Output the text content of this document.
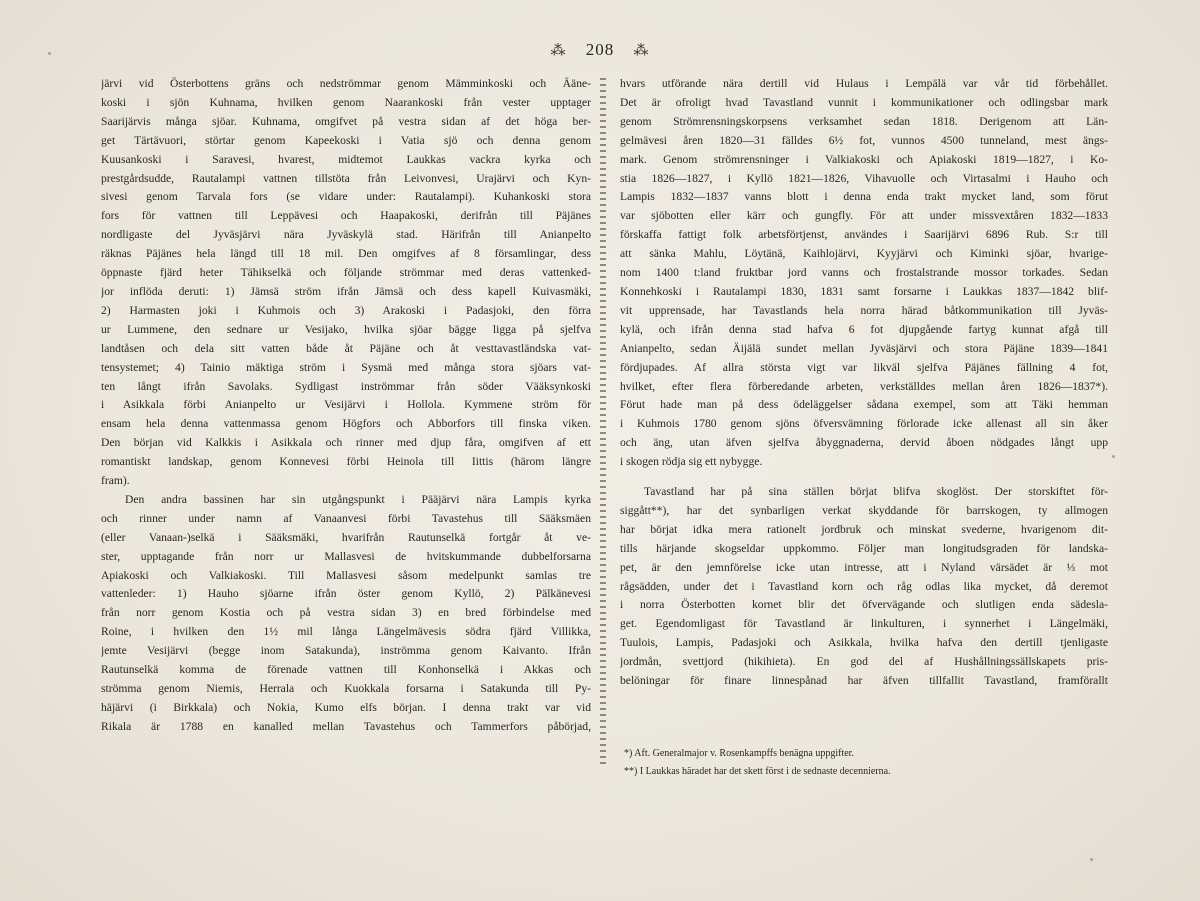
⁂ 208 ⁂
järvi vid Österbottens gräns och nedströmmar genom Mämminkoski och Ääne-
koski i sjön Kuhnama, hvilken genom Naarankoski från vester upptager
Saarijärvis många sjöar. Kuhnama, omgifvet på vestra sidan af det höga ber-
get Tärtävuori, störtar genom Kapeekoski i Vatia sjö och denna genom
Kuusankoski i Saravesi, hvarest, midtemot Laukkas vackra kyrka och
prestgårdsudde, Rautalampi vattnen tillstöta från Leivonvesi, Urajärvi och Kyn-
sivesi genom Tarvala fors (se vidare under: Rautalampi). Kuhankoski stora
fors för vattnen till Leppävesi och Haapakoski, derifrån till Päjänes
nordligaste del Jyväsjärvi nära Jyväskylä stad. Härifrån till Anianpelto
räknas Päjänes hela längd till 18 mil. Den omgifves af 8 församlingar, dess
öppnaste fjärd heter Tähikselkä och följande strömmar med deras vattenked-
jor inflöda deruti: 1) Jämsä ström ifrån Jämsä och dess kapell Kuivasmäki,
2) Harmasten joki i Kuhmois och 3) Arakoski i Padasjoki, den förra
ur Lummene, den sednare ur Vesijako, hvilka sjöar bägge ligga på sjelfva
landtåsen och dela sitt vatten både åt Päjäne och åt vesttavastländska vat-
tensystemet; 4) Tainio mäktiga ström i Sysmä med många stora sjöars vat-
ten långt ifrån Savolaks. Sydligast inströmmar från söder Vääksynkoski
i Asikkala förbi Anianpelto ur Vesijärvi i Hollola. Kymmene ström för
ensam hela denna vattenmassa genom Högfors och Abborfors till finska viken.
Den början vid Kalkkis i Asikkala och rinner med djup fåra, omgifven af ett
romantiskt landskap, genom Konnevesi förbi Heinola till Iittis (härom längre
fram).
Den andra bassinen har sin utgångspunkt i Pääjärvi nära Lampis kyrka
och rinner under namn af Vanaanvesi förbi Tavastehus till Sääksmäen
(eller Vanaan-)selkä i Sääksmäki, hvarifrån Rautunselkä fortgår åt ve-
ster, upptagande från norr ur Mallasvesi de hvitskummande dubbelforsarna
Apiakoski och Valkiakoski. Till Mallasvesi såsom medelpunkt samlas tre
vattenleder: 1) Hauho sjöarne ifrån öster genom Kyllö, 2) Pälkänevesi
från norr genom Kostia och på vestra sidan 3) en bred förbindelse med
Roine, i hvilken den 1½ mil långa Längelmävesis södra fjärd Villikka,
jemte Vesijärvi (begge inom Satakunda), inströmma genom Kaivanto. Ifrån
Rautunselkä komma de förenade vattnen till Konhonselkä i Akkas och
strömma genom Niemis, Herrala och Kuokkala forsarna i Satakunda till Py-
häjärvi (i Birkkala) och Nokia, Kumo elfs början. I denna trakt var vid
Rikala är 1788 en kanalled mellan Tavastehus och Tammerfors påbörjad,
hvars utförande nära dertill vid Hulaus i Lempälä var vår tid förbehållet.
Det är ofroligt hvad Tavastland vunnit i kommunikationer och odlingsbar mark
genom Strömrensningskorpsens verksamhet sedan 1818. Derigenom att Län-
gelmävesi åren 1820—31 fälldes 6½ fot, vunnos 4500 tunneland, mest ängs-
mark. Genom strömrensninger i Valkiakoski och Apiakoski 1819—1827, i Ko-
stia 1826—1827, i Kyllö 1821—1826, Vihavuolle och Virtasalmi i Hauho och
Lampis 1832—1837 vanns blott i denna enda trakt mycket land, som förut
var sjöbotten eller kärr och gungfly. För att under missvextåren 1832—1833
förskaffa fattigt folk arbetsförtjenst, användes i Saarijärvi 6896 Rub. S:r till
att sänka Mahlu, Löytänä, Kaihlojärvi, Kyyjärvi och Kiminki sjöar, hvarige-
nom 1400 t:land fruktbar jord vanns och frostalstrande mossor torkades. Sedan
Konnehkoski i Rautalampi 1830, 1831 samt forsarne i Laukkas 1837—1842 blif-
vit upprensade, har Tavastlands hela norra härad båtkommunikation till Jyväs-
kylä, och ifrån denna stad hafva 6 fot djupgående fartyg kunnat afgå till
Anianpelto, sedan Äijälä sundet mellan Jyväsjärvi och stora Päjäne 1839—1841
fördjupades. Af allra största vigt var likväl sjelfva Päjänes fällning 4 fot,
hvilket, efter flera förberedande arbeten, verkställdes mellan åren 1826—1837*).
Förut hade man på dess ödeläggelser sådana exempel, som att Täki hemman
i Kuhmois 1780 genom sjöns öfversvämning förlorade icke allenast all sin åker
och äng, utan äfven sjelfva åbyggnaderna, dervid åboen nödgades långt upp
i skogen rödja sig ett nybygge.
Tavastland har på sina ställen börjat blifva skoglöst. Der storskiftet för-
siggått**), har det synbarligen verkat skyddande för barrskogen, ty allmogen
har börjat idka mera rationelt jordbruk och minskat svederne, hvarigenom dit-
tills härjande skogseldar uppkommo. Följer man longitudsgraden för landska-
pet, är den jemnförelse icke utan intresse, att i Nyland värsädet är ⅓ mot
rågsädden, under det i Tavastland korn och råg odlas lika mycket, då deremot
i norra Österbotten kornet blir det öfvervägande och slutligen enda sädesla-
get. Egendomligast för Tavastland är linkulturen, i synnerhet i Längelmäki,
Tuulois, Lampis, Padasjoki och Asikkala, hvilka hafva den dertill tjenligaste
jordmån, svettjord (hikihieta). En god del af Hushållningssällskapets pris-
belöningar för finare linnespånad har äfven tillfallit Tavastland, framförallt
*) Aft. Generalmajor v. Rosenkampffs benägna uppgifter.
**) I Laukkas häradet har det skett först i de sednaste decennierna.
